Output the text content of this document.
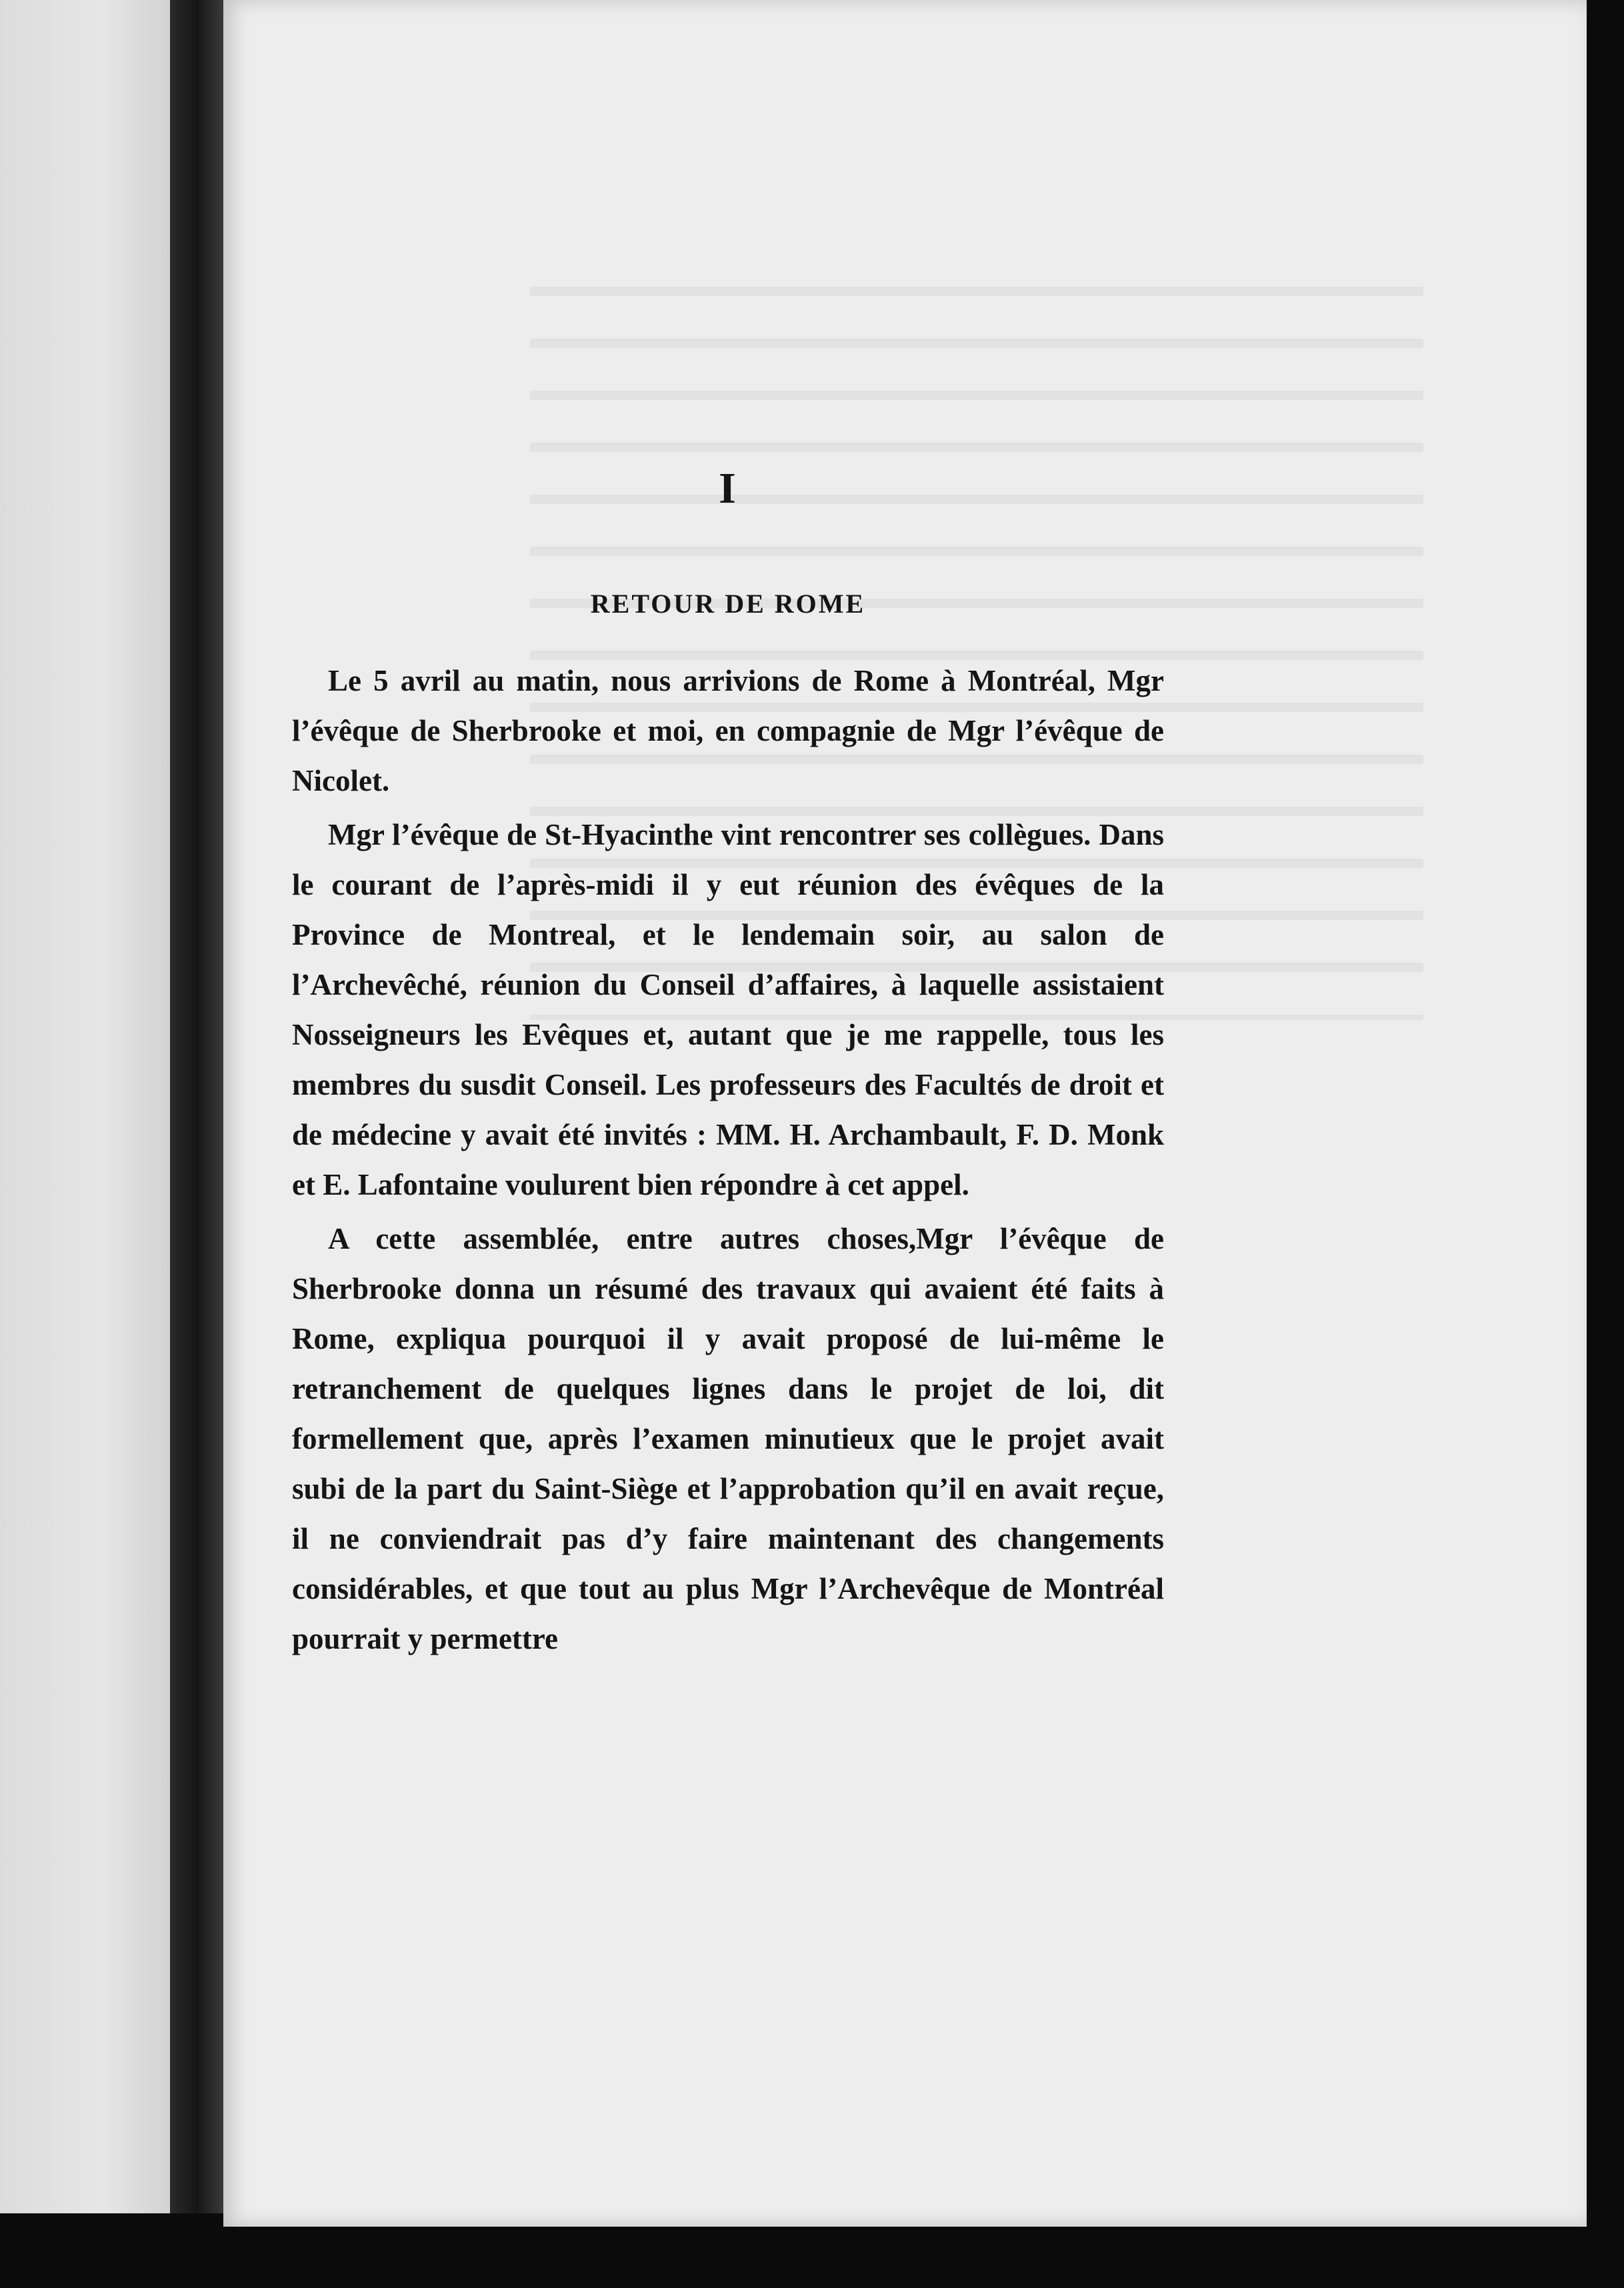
I
RETOUR DE ROME

Le 5 avril au matin, nous arrivions de Rome à Montréal, Mgr l’évêque de Sherbrooke et moi, en compagnie de Mgr l’évêque de Nicolet.

Mgr l’évêque de St-Hyacinthe vint rencontrer ses collègues. Dans le courant de l’après-midi il y eut réunion des évêques de la Province de Montreal, et le lendemain soir, au salon de l’Archevêché, réunion du Conseil d’affaires, à laquelle assistaient Nosseigneurs les Evêques et, autant que je me rappelle, tous les membres du susdit Conseil. Les professeurs des Facultés de droit et de médecine y avait été invités : MM. H. Archambault, F. D. Monk et E. Lafontaine voulurent bien répondre à cet appel.

A cette assemblée, entre autres choses,Mgr l’évêque de Sherbrooke donna un résumé des travaux qui avaient été faits à Rome, expliqua pourquoi il y avait proposé de lui-même le retranchement de quelques lignes dans le projet de loi, dit formellement que, après l’examen minutieux que le projet avait subi de la part du Saint-Siège et l’approbation qu’il en avait reçue, il ne conviendrait pas d’y faire maintenant des changements considérables, et que tout au plus Mgr l’Archevêque de Montréal pourrait y permettre
